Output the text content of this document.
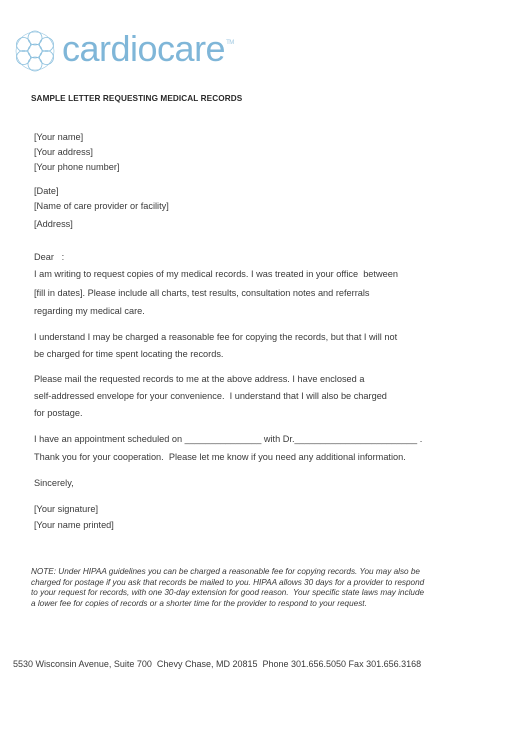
cardiocare™
SAMPLE LETTER REQUESTING MEDICAL RECORDS
[Your name]
[Your address]
[Your phone number]
[Date]
[Name of care provider or facility]
[Address]
Dear   :
I am writing to request copies of my medical records. I was treated in your office  between
[fill in dates]. Please include all charts, test results, consultation notes and referrals
regarding my medical care.
I understand I may be charged a reasonable fee for copying the records, but that I will not
be charged for time spent locating the records.
Please mail the requested records to me at the above address. I have enclosed a
self-addressed envelope for your convenience.  I understand that I will also be charged
for postage.
I have an appointment scheduled on _______________ with Dr.________________________ .
Thank you for your cooperation.  Please let me know if you need any additional information.
Sincerely,
[Your signature]
[Your name printed]
NOTE: Under HIPAA guidelines you can be charged a reasonable fee for copying records. You may also be
charged for postage if you ask that records be mailed to you. HIPAA allows 30 days for a provider to respond
to your request for records, with one 30-day extension for good reason.  Your specific state laws may include
a lower fee for copies of records or a shorter time for the provider to respond to your request.
5530 Wisconsin Avenue, Suite 700  Chevy Chase, MD 20815  Phone 301.656.5050 Fax 301.656.3168
